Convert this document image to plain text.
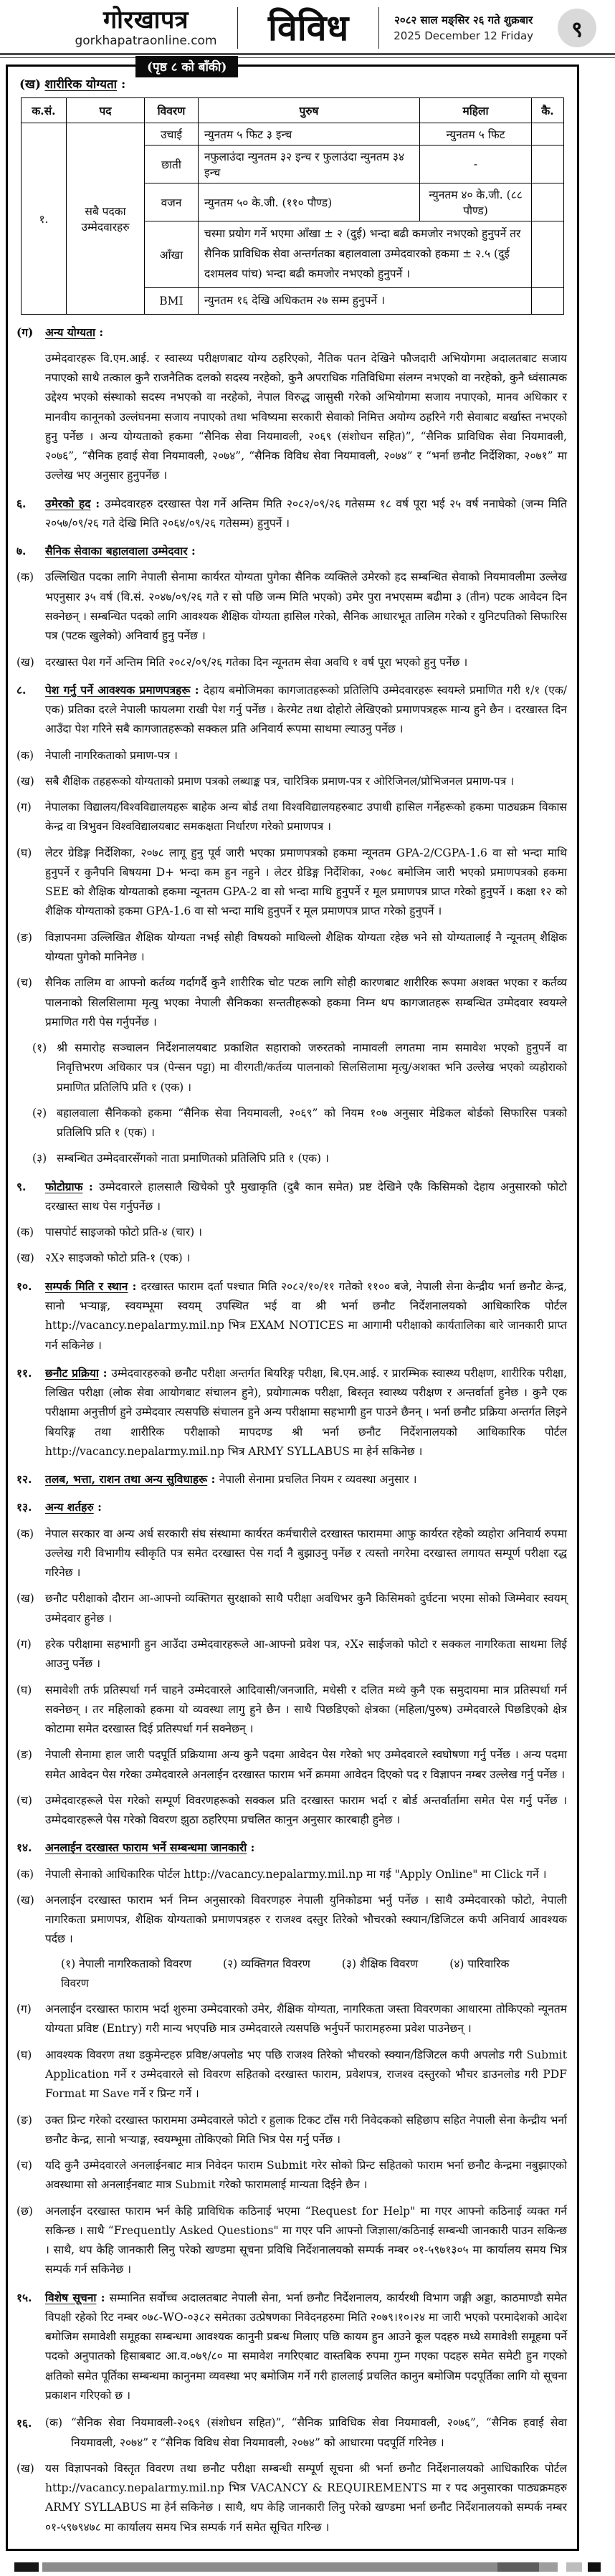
गोरखापत्र
gorkhapatraonline.com	विविध	२०८२ साल मङ्सिर २६ गते शुक्रबार
2025 December 12 Friday ९
(पृष्ठ ८ को बाँकी)
(ख) शारीरिक योग्यता :
क.सं.	पद	विवरण	पुरुष	महिला	कै.
१.	सबै पदका उम्मेदवारहरु	उचाई	न्युनतम ५ फिट ३ इन्च	न्युनतम ५ फिट	
		छाती	नफुलाउंदा न्युनतम ३२ इन्च र फुलाउंदा न्युनतम ३४ इन्च	-	
		वजन	न्युनतम ५० के.जी. (११० पौण्ड)	न्युनतम ४० के.जी. (८८ पौण्ड)	
		आँखा	चस्मा प्रयोग गर्ने भएमा आँखा ± २ (दुई) भन्दा बढी कमजोर नभएको हुनुपर्ने तर सैनिक प्राविधिक सेवा अन्तर्गतका बहालवाला उम्मेदवारको हकमा ± २.५ (दुई दशमलव पांच) भन्दा बढी कमजोर नभएको हुनुपर्ने ।		
		BMI	न्युनतम १६ देखि अधिकतम २७ सम्म हुनुपर्ने ।		
(ग)	अन्य योग्यता :
उम्मेदवारहरू वि.एम.आई. र स्वास्थ्य परीक्षणबाट योग्य ठहरिएको, नैतिक पतन देखिने फौजदारी अभियोगमा अदालतबाट सजाय नपाएको साथै तत्काल कुनै राजनैतिक दलको सदस्य नरहेको, कुनै अपराधिक गतिविधिमा संलग्न नभएको वा नरहेको, कुनै ध्वंसात्मक उद्देश्य भएको संस्थाको सदस्य नभएको वा नरहेको, नेपाल विरुद्ध जासुसी गरेको अभियोगमा सजाय नपाएको, मानव अधिकार र मानवीय कानूनको उल्लंघनमा सजाय नपाएको तथा भविष्यमा सरकारी सेवाको निमित्त अयोग्य ठहरिने गरी सेवाबाट बर्खास्त नभएको हुनु पर्नेछ । अन्य योग्यताको हकमा “सैनिक सेवा नियमावली, २०६९ (संशोधन सहित)”, “सैनिक प्राविधिक सेवा नियमावली, २०७६”, “सैनिक हवाई सेवा नियमावली, २०७४”, “सैनिक विविध सेवा नियमावली, २०७४” र “भर्ना छनौट निर्देशिका, २०७१” मा उल्लेख भए अनुसार हुनुपर्नेछ ।
६.	उमेरको हद : उम्मेदवारहरु दरखास्त पेश गर्ने अन्तिम मिति २०८२/०९/२६ गतेसम्म १८ वर्ष पूरा भई २५ वर्ष ननाघेको (जन्म मिति २०५७/०९/२६ गते देखि मिति २०६४/०९/२६ गतेसम्म) हुनुपर्ने ।
७.	सैनिक सेवाका बहालवाला उम्मेदवार :
(क)	उल्लिखित पदका लागि नेपाली सेनामा कार्यरत योग्यता पुगेका सैनिक व्यक्तिले उमेरको हद सम्बन्धित सेवाको नियमावलीमा उल्लेख भएनुसार ३५ वर्ष (वि.सं. २०४७/०९/२६ गते र सो पछि जन्म मिति भएको) उमेर पुरा नभएसम्म बढीमा ३ (तीन) पटक आवेदन दिन सक्नेछन् । सम्बन्धित पदको लागि आवश्यक शैक्षिक योग्यता हासिल गरेको, सैनिक आधारभूत तालिम गरेको र युनिटपतिको सिफारिस पत्र (पटक खुलेको) अनिवार्य हुनु पर्नेछ ।
(ख) दरखास्त पेश गर्ने अन्तिम मिति २०८२/०९/२६ गतेका दिन न्यूनतम सेवा अवधि १ वर्ष पूरा भएको हुनु पर्नेछ ।
८.	पेश गर्नु पर्ने आवश्यक प्रमाणपत्रहरू : देहाय बमोजिमका कागजातहरूको प्रतिलिपि उम्मेदवारहरू स्वयम्ले प्रमाणित गरी १/१ (एक/एक) प्रतिका दरले नेपाली फायलमा राखी पेश गर्नु पर्नेछ । केरमेट तथा दोहोरो लेखिएको प्रमाणपत्रहरू मान्य हुने छैन । दरखास्त दिन आउँदा पेश गरिने सबै कागजातहरूको सक्कल प्रति अनिवार्य रूपमा साथमा ल्याउनु पर्नेछ ।
(क)	नेपाली नागरिकताको प्रमाण-पत्र ।
(ख) सबै शैक्षिक तहहरूको योग्यताको प्रमाण पत्रको लब्धाङ्क पत्र, चारित्रिक प्रमाण-पत्र र ओरिजिनल/प्रोभिजनल प्रमाण-पत्र ।
(ग)	नेपालका विद्यालय/विश्वविद्यालयहरू बाहेक अन्य बोर्ड तथा विश्वविद्यालयहरुबाट उपाधी हासिल गर्नेहरूको हकमा पाठ्यक्रम विकास केन्द्र वा त्रिभुवन विश्वविद्यालयबाट समकक्षता निर्धारण गरेको प्रमाणपत्र ।
(घ)	लेटर ग्रेडिङ्ग निर्देशिका, २०७८ लागू हुनु पूर्व जारी भएका प्रमाणपत्रको हकमा न्यूनतम GPA-2/CGPA-1.6 वा सो भन्दा माथि हुनुपर्ने र कुनैपनि बिषयमा D+ भन्दा कम हुन नहुने । लेटर ग्रेडिङ्ग निर्देशिका, २०७८ बमोजिम जारी भएको प्रमाणपत्रको हकमा SEE को शैक्षिक योग्यताको हकमा न्यूनतम GPA-2 वा सो भन्दा माथि हुनुपर्ने र मूल प्रमाणपत्र प्राप्त गरेको हुनुपर्ने । कक्षा १२ को शैक्षिक योग्यताको हकमा GPA-1.6 वा सो भन्दा माथि हुनुपर्ने र मूल प्रमाणपत्र प्राप्त गरेको हुनुपर्ने ।
(ङ)	विज्ञापनमा उल्लिखित शैक्षिक योग्यता नभई सोही विषयको माथिल्लो शैक्षिक योग्यता रहेछ भने सो योग्यतालाई नै न्यूनतम् शैक्षिक योग्यता पुगेको मानिनेछ ।
(च)	सैनिक तालिम वा आफ्नो कर्तव्य गर्दागर्दै कुनै शारीरिक चोट पटक लागि सोही कारणबाट शारीरिक रूपमा अशक्त भएका र कर्तव्य पालनाको सिलसिलामा मृत्यु भएका नेपाली सैनिकका सन्ततीहरूको हकमा निम्न थप कागजातहरू सम्बन्धित उम्मेदवार स्वयम्ले प्रमाणित गरी पेस गर्नुपर्नेछ ।
(१) श्री समारोह सञ्चालन निर्देशनालयबाट प्रकाशित सहाराको जरुरतको नामावली लगतमा नाम समावेश भएको हुनुपर्ने वा निवृत्तिभरण अधिकार पत्र (पेन्सन पट्टा) मा वीरगती/कर्तव्य पालनाको सिलसिलामा मृत्यु/अशक्त भनि उल्लेख भएको व्यहोराको प्रमाणित प्रतिलिपि प्रति १ (एक) ।
(२) बहालवाला सैनिकको हकमा “सैनिक सेवा नियमावली, २०६९” को नियम १०७ अनुसार मेडिकल बोर्डको सिफारिस पत्रको प्रतिलिपि प्रति १ (एक) ।
(३) सम्बन्धित उम्मेदवारसँगको नाता प्रमाणितको प्रतिलिपि प्रति १ (एक) ।
९.	फोटोग्राफ : उम्मेदवारले हालसालै खिचेको पुरै मुखाकृति (दुबै कान समेत) प्रष्ट देखिने एकै किसिमको देहाय अनुसारको फोटो दरखास्त साथ पेस गर्नुपर्नेछ ।
(क)	पासपोर्ट साइजको फोटो प्रति-४ (चार) ।
(ख) २X२ साइजको फोटो प्रति-१ (एक) ।
१०.	सम्पर्क मिति र स्थान : दरखास्त फाराम दर्ता पश्चात मिति २०८२/१०/११ गतेको ११०० बजे, नेपाली सेना केन्द्रीय भर्ना छनौट केन्द्र, सानो भर्‍याङ्ग, स्वयम्भूमा स्वयम् उपस्थित भई वा श्री भर्ना छनौट निर्देशनालयको आधिकारिक पोर्टल http://vacancy.nepalarmy.mil.np भित्र EXAM NOTICES मा आगामी परीक्षाको कार्यतालिका बारे जानकारी प्राप्त गर्न सकिनेछ ।
११.	छनौट प्रक्रिया : उम्मेदवारहरुको छनौट परीक्षा अन्तर्गत बियरिङ्ग परीक्षा, बि.एम.आई. र प्रारम्भिक स्वास्थ्य परीक्षण, शारीरिक परीक्षा, लिखित परीक्षा (लोक सेवा आयोगबाट संचालन हुने), प्रयोगात्मक परीक्षा, बिस्तृत स्वास्थ्य परीक्षण र अन्तर्वार्ता हुनेछ । कुनै एक परीक्षामा अनुत्तीर्ण हुने उम्मेदवार त्यसपछि संचालन हुने अन्य परीक्षामा सहभागी हुन पाउने छैनन् । भर्ना छनौट प्रक्रिया अन्तर्गत लिइने बियरिङ्ग तथा शारीरिक परीक्षाको मापदण्ड श्री भर्ना छनौट निर्देशनालयको आधिकारिक पोर्टल http://vacancy.nepalarmy.mil.np भित्र ARMY SYLLABUS मा हेर्न सकिनेछ ।
१२.	तलब, भत्ता, राशन तथा अन्य सुविधाहरू : नेपाली सेनामा प्रचलित नियम र व्यवस्था अनुसार ।
१३.	अन्य शर्तहरु :
(क)	नेपाल सरकार वा अन्य अर्ध सरकारी संघ संस्थामा कार्यरत कर्मचारीले दरखास्त फाराममा आफु कार्यरत रहेको व्यहोरा अनिवार्य रुपमा उल्लेख गरी विभागीय स्वीकृति पत्र समेत दरखास्त पेस गर्दा नै बुझाउनु पर्नेछ र त्यस्तो नगरेमा दरखास्त लगायत सम्पूर्ण परीक्षा रद्ध गरिनेछ ।
(ख) छनौट परीक्षाको दौरान आ-आफ्नो व्यक्तिगत सुरक्षाको साथै परीक्षा अवधिभर कुनै किसिमको दुर्घटना भएमा सोको जिम्मेवार स्वयम् उम्मेदवार हुनेछ ।
(ग)	हरेक परीक्षामा सहभागी हुन आउँदा उम्मेदवारहरूले आ-आफ्नो प्रवेश पत्र, २X२ साईजको फोटो र सक्कल नागरिकता साथमा लिई आउनु पर्नेछ ।
(घ)	समावेशी तर्फ प्रतिस्पर्धा गर्न चाहने उम्मेदवारले आदिवासी/जनजाति, मधेसी र दलित मध्ये कुनै एक समुदायमा मात्र प्रतिस्पर्धा गर्न सक्नेछन् । तर महिलाको हकमा यो व्यवस्था लागु हुने छैन । साथै पिछडिएको क्षेत्रका (महिला/पुरुष) उम्मेदवारले पिछडिएको क्षेत्र कोटामा समेत दरखास्त दिई प्रतिस्पर्धा गर्न सक्नेछन् ।
(ङ)	नेपाली सेनामा हाल जारी पदपूर्ति प्रक्रियामा अन्य कुनै पदमा आवेदन पेस गरेको भए उम्मेदवारले स्वघोषणा गर्नु पर्नेछ । अन्य पदमा समेत आवेदन पेस गरेका उम्मेदवारले अनलाईन दरखास्त फाराम भर्ने क्रममा आवेदन दिएको पद र विज्ञापन नम्बर उल्लेख गर्नु पर्नेछ ।
(च)	उम्मेदवारहरूले पेस गरेको सम्पूर्ण विवरणहरूको सक्कल प्रति दरखास्त फाराम भर्दा र बोर्ड अन्तर्वार्तामा समेत पेस गर्नु पर्नेछ । उम्मेदवारहरूले पेस गरेको विवरण झुठा ठहरिएमा प्रचलित कानुन अनुसार कारबाही हुनेछ ।
१४.	अनलाईन दरखास्त फाराम भर्ने सम्बन्धमा जानकारी :
(क)	नेपाली सेनाको आधिकारिक पोर्टल http://vacancy.nepalarmy.mil.np मा गई "Apply Online" मा Click गर्ने ।
(ख) अनलाईन दरखास्त फाराम भर्न निम्न अनुसारको विवरणहरु नेपाली युनिकोडमा भर्नु पर्नेछ । साथै उम्मेदवारको फोटो, नेपाली नागरिकता प्रमाणपत्र, शैक्षिक योग्यताको प्रमाणपत्रहरु र राजश्व दस्तुर तिरेको भौचरको स्क्यान/डिजिटल कपी अनिवार्य आवश्यक पर्दछ ।
(१) नेपाली नागरिकताको विवरण	(२) व्यक्तिगत विवरण	(३) शैक्षिक विवरण	(४) पारिवारिक विवरण
(ग)	अनलाईन दरखास्त फाराम भर्दा शुरुमा उम्मेदवारको उमेर, शैक्षिक योग्यता, नागरिकता जस्ता विवरणका आधारमा तोकिएको न्यूनतम योग्यता प्रविष्ट (Entry) गरी मान्य भएपछि मात्र उम्मेदवारले त्यसपछि भर्नुपर्ने फारामहरुमा प्रवेश पाउनेछन् ।
(घ)	आवश्यक विवरण तथा डकुमेन्टहरु प्रविष्ट/अपलोड भए पछि राजश्व तिरेको भौचरको स्क्यान/डिजिटल कपी अपलोड गरी Submit Application गर्ने र उम्मेदवारले सो विवरण सहितको दरखास्त फाराम, प्रवेशपत्र, राजश्व दस्तुरको भौचर डाउनलोड गरी PDF Format मा Save गर्ने र प्रिन्ट गर्ने ।
(ङ)	उक्त प्रिन्ट गरेको दरखास्त फाराममा उम्मेदवारले फोटो र हुलाक टिकट टाँस गरी निवेदकको सहिछाप सहित नेपाली सेना केन्द्रीय भर्ना छनौट केन्द्र, सानो भर्‍याङ्ग, स्वयम्भूमा तोकिएको मिति भित्र पेस गर्नु पर्नेछ ।
(च)	यदि कुनै उम्मेदवारले अनलाईनबाट मात्र निवेदन फाराम Submit गरेर सोको प्रिन्ट सहितको फाराम भर्ना छनौट केन्द्रमा नबुझाएको अवस्थामा सो अनलाईनबाट मात्र Submit गरेको फारामलाई मान्यता दिईने छैन ।
(छ)	अनलाईन दरखास्त फाराम भर्न केहि प्राविधिक कठिनाई भएमा “Request for Help" मा गएर आफ्नो कठिनाई व्यक्त गर्न सकिन्छ । साथै “Frequently Asked Questions" मा गएर पनि आफ्नो जिज्ञासा/कठिनाई सम्बन्धी जानकारी पाउन सकिन्छ । साथै, थप केहि जानकारी लिनु परेको खण्डमा सूचना प्रविधि निर्देशनालयको सम्पर्क नम्बर ०१-५९७१३०५ मा कार्यालय समय भित्र सम्पर्क गर्न सकिनेछ ।
१५.	विशेष सूचना : सम्मानित सर्वोच्च अदालतबाट नेपाली सेना, भर्ना छनौट निर्देशनालय, कार्यरथी विभाग जङ्गी अड्डा, काठमाण्डौ समेत विपक्षी रहेको रिट नम्बर ०७८-WO-०३८२ समेतका उत्प्रेषणका निवेदनहरुमा मिति २०७९।१०।२४ मा जारी भएको परमादेशको आदेश बमोजिम समावेशी समूहका सम्बन्धमा आवश्यक कानुनी प्रबन्ध मिलाए पछि कायम हुन आउने कूल पदहरु मध्ये समावेशी समूहमा पर्ने पदको अनुपातको हिसाबबाट आ.व.०७९/८० मा समावेश नगरिएबाट वास्तबिक रुपमा गुम्न गएका पदहरु समेत समेटी हुन गएको क्षतिको समेत पूर्तिका सम्बन्धमा कानुनमा व्यवस्था भए बमोजिम गर्ने गरी हाललाई प्रचलित कानुन बमोजिम पदपूर्तिका लागि यो सूचना प्रकाशन गरिएको छ ।
१६.	(क) “सैनिक सेवा नियमावली-२०६९ (संशोधन सहित)”, “सैनिक प्राविधिक सेवा नियमावली, २०७६”, “सैनिक हवाई सेवा नियमावली, २०७४” र “सैनिक विविध सेवा नियमावली, २०७४” को आधारमा पदपूर्ति गरिनेछ ।
(ख) यस विज्ञापनको विस्तृत विवरण तथा छनौट परीक्षा सम्बन्धी सम्पूर्ण सूचना श्री भर्ना छनौट निर्देशनालयको आधिकारिक पोर्टल http://vacancy.nepalarmy.mil.np भित्र VACANCY & REQUIREMENTS मा र पद अनुसारका पाठ्यक्रमहरु ARMY SYLLABUS मा हेर्न सकिनेछ । साथै, थप केहि जानकारी लिनु परेको खण्डमा भर्ना छनौट निर्देशनालयको सम्पर्क नम्बर ०१-५९७९४७८ मा कार्यालय समय भित्र सम्पर्क गर्न समेत सूचित गरिन्छ ।
